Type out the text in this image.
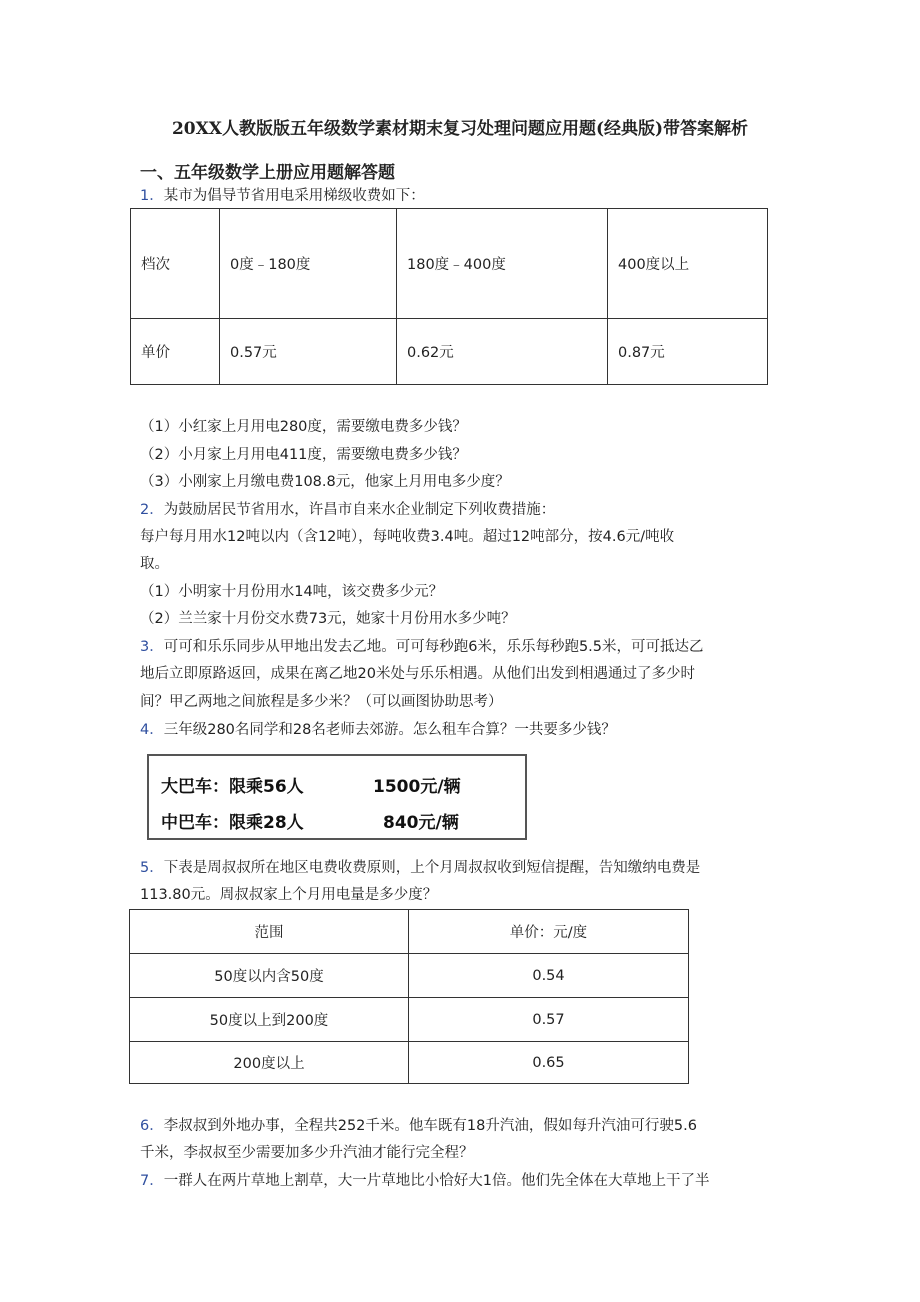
20XX人教版版五年级数学素材期末复习处理问题应用题(经典版)带答案解析
一、五年级数学上册应用题解答题
1．某市为倡导节省用电采用梯级收费如下：
档次	0度﹣180度	180度﹣400度	400度以上
单价	0.57元	0.62元	0.87元
（1）小红家上月用电280度，需要缴电费多少钱？
（2）小月家上月用电411度，需要缴电费多少钱？
（3）小刚家上月缴电费108.8元，他家上月用电多少度？
2．为鼓励居民节省用水，许昌市自来水企业制定下列收费措施：
每户每月用水12吨以内（含12吨），每吨收费3.4吨。超过12吨部分，按4.6元/吨收
取。
（1）小明家十月份用水14吨，该交费多少元？
（2）兰兰家十月份交水费73元，她家十月份用水多少吨？
3．可可和乐乐同步从甲地出发去乙地。可可每秒跑6米，乐乐每秒跑5.5米，可可抵达乙
地后立即原路返回，成果在离乙地20米处与乐乐相遇。从他们出发到相遇通过了多少时
间？甲乙两地之间旅程是多少米？（可以画图协助思考）
4．三年级280名同学和28名老师去郊游。怎么租车合算？一共要多少钱？
大巴车：限乘56人	1500元/辆
中巴车：限乘28人	840元/辆
5．下表是周叔叔所在地区电费收费原则，上个月周叔叔收到短信提醒，告知缴纳电费是
113.80元。周叔叔家上个月用电量是多少度？
范围	单价：元/度
50度以内含50度	0.54
50度以上到200度	0.57
200度以上	0.65
6．李叔叔到外地办事，全程共252千米。他车既有18升汽油，假如每升汽油可行驶5.6
千米，李叔叔至少需要加多少升汽油才能行完全程？
7．一群人在两片草地上割草，大一片草地比小恰好大1倍。他们先全体在大草地上干了半
